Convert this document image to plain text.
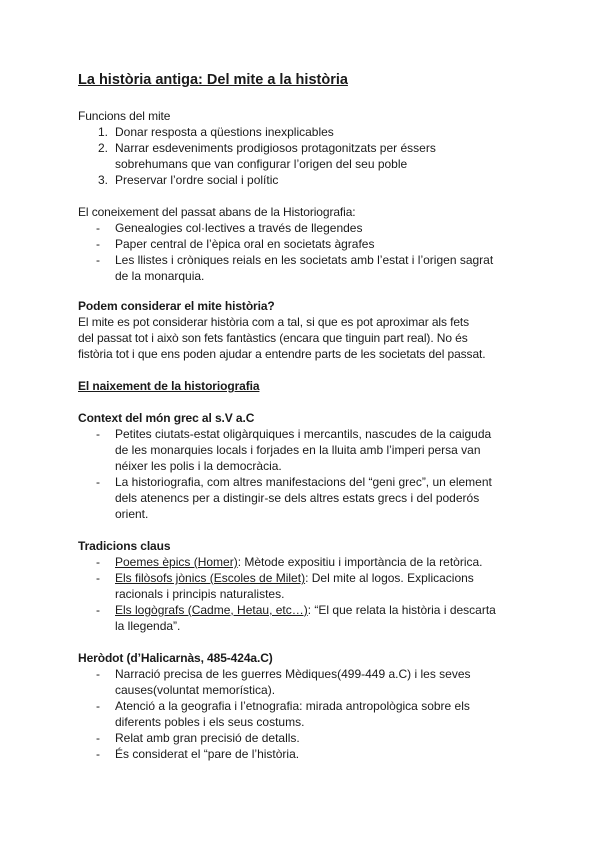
La història antiga: Del mite a la història
Funcions del mite
1. Donar resposta a qüestions inexplicables
2. Narrar esdeveniments prodigiosos protagonitzats per éssers
sobrehumans que van configurar l’origen del seu poble
3. Preservar l’ordre social i polític
El coneixement del passat abans de la Historiografia:
- Genealogies col·lectives a través de llegendes
- Paper central de l’èpica oral en societats àgrafes
- Les llistes i cròniques reials en les societats amb l’estat i l’origen sagrat
de la monarquia.
Podem considerar el mite història?
El mite es pot considerar història com a tal, si que es pot aproximar als fets
del passat tot i això son fets fantàstics (encara que tinguin part real). No és
fistòria tot i que ens poden ajudar a entendre parts de les societats del passat.
El naixement de la historiografia
Context del món grec al s.V a.C
- Petites ciutats-estat oligàrquiques i mercantils, nascudes de la caiguda
de les monarquies locals i forjades en la lluita amb l’imperi persa van
néixer les polis i la democràcia.
- La historiografia, com altres manifestacions del “geni grec”, un element
dels atenencs per a distingir-se dels altres estats grecs i del poderós
orient.
Tradicions claus
- Poemes èpics (Homer): Mètode expositiu i importància de la retòrica.
- Els filòsofs jònics (Escoles de Milet): Del mite al logos. Explicacions
racionals i principis naturalistes.
- Els logògrafs (Cadme, Hetau, etc…): “El que relata la història i descarta
la llegenda”.
Heròdot (d’Halicarnàs, 485-424a.C)
- Narració precisa de les guerres Mèdiques(499-449 a.C) i les seves
causes(voluntat memorística).
- Atenció a la geografia i l’etnografia: mirada antropològica sobre els
diferents pobles i els seus costums.
- Relat amb gran precisió de detalls.
- És considerat el “pare de l’història.
